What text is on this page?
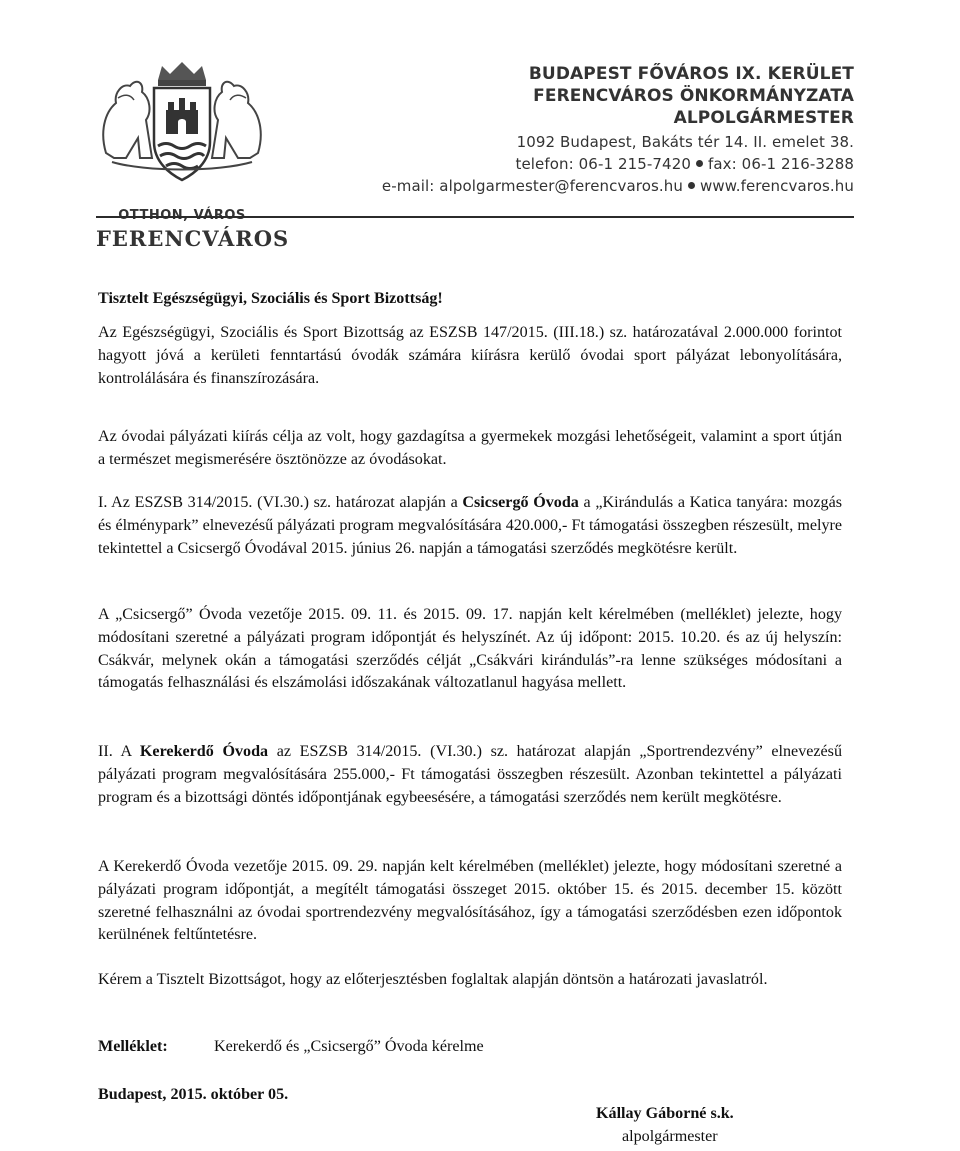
FERENCVÁROS
BUDAPEST FŐVÁROS IX. KERÜLET
FERENCVÁROS ÖNKORMÁNYZATA
ALPOLGÁRMESTER
1092 Budapest, Bakáts tér 14. II. emelet 38.
telefon: 06-1 215-7420 fax: 06-1 216-3288
e-mail: alpolgarmester@ferencvaros.hu www.ferencvaros.hu
Tisztelt Egészségügyi, Szociális és Sport Bizottság!
Az Egészségügyi, Szociális és Sport Bizottság az ESZSB 147/2015. (III.18.) sz. határozatával 2.000.000 forintot hagyott jóvá a kerületi fenntartású óvodák számára kiírásra kerülő óvodai sport pályázat lebonyolítására, kontrolálására és finanszírozására.
Az óvodai pályázati kiírás célja az volt, hogy gazdagítsa a gyermekek mozgási lehetőségeit, valamint a sport útján a természet megismerésére ösztönözze az óvodásokat.
I. Az ESZSB 314/2015. (VI.30.) sz. határozat alapján a Csicsergő Óvoda a „Kirándulás a Katica tanyára: mozgás és élménypark” elnevezésű pályázati program megvalósítására 420.000,- Ft támogatási összegben részesült, melyre tekintettel a Csicsergő Óvodával 2015. június 26. napján a támogatási szerződés megkötésre került.
A „Csicsergő” Óvoda vezetője 2015. 09. 11. és 2015. 09. 17. napján kelt kérelmében (melléklet) jelezte, hogy módosítani szeretné a pályázati program időpontját és helyszínét. Az új időpont: 2015. 10.20. és az új helyszín: Csákvár, melynek okán a támogatási szerződés célját „Csákvári kirándulás”-ra lenne szükséges módosítani a támogatás felhasználási és elszámolási időszakának változatlanul hagyása mellett.
II. A Kerekerdő Óvoda az ESZSB 314/2015. (VI.30.) sz. határozat alapján „Sportrendezvény” elnevezésű pályázati program megvalósítására 255.000,- Ft támogatási összegben részesült. Azonban tekintettel a pályázati program és a bizottsági döntés időpontjának egybeesésére, a támogatási szerződés nem került megkötésre.
A Kerekerdő Óvoda vezetője 2015. 09. 29. napján kelt kérelmében (melléklet) jelezte, hogy módosítani szeretné a pályázati program időpontját, a megítélt támogatási összeget 2015. október 15. és 2015. december 15. között szeretné felhasználni az óvodai sportrendezvény megvalósításához, így a támogatási szerződésben ezen időpontok kerülnének feltűntetésre.
Kérem a Tisztelt Bizottságot, hogy az előterjesztésben foglaltak alapján döntsön a határozati javaslatról.
Melléklet:	Kerekerdő és „Csicsergő” Óvoda kérelme
Budapest, 2015. október 05.
Kállay Gáborné s.k.
alpolgármester
